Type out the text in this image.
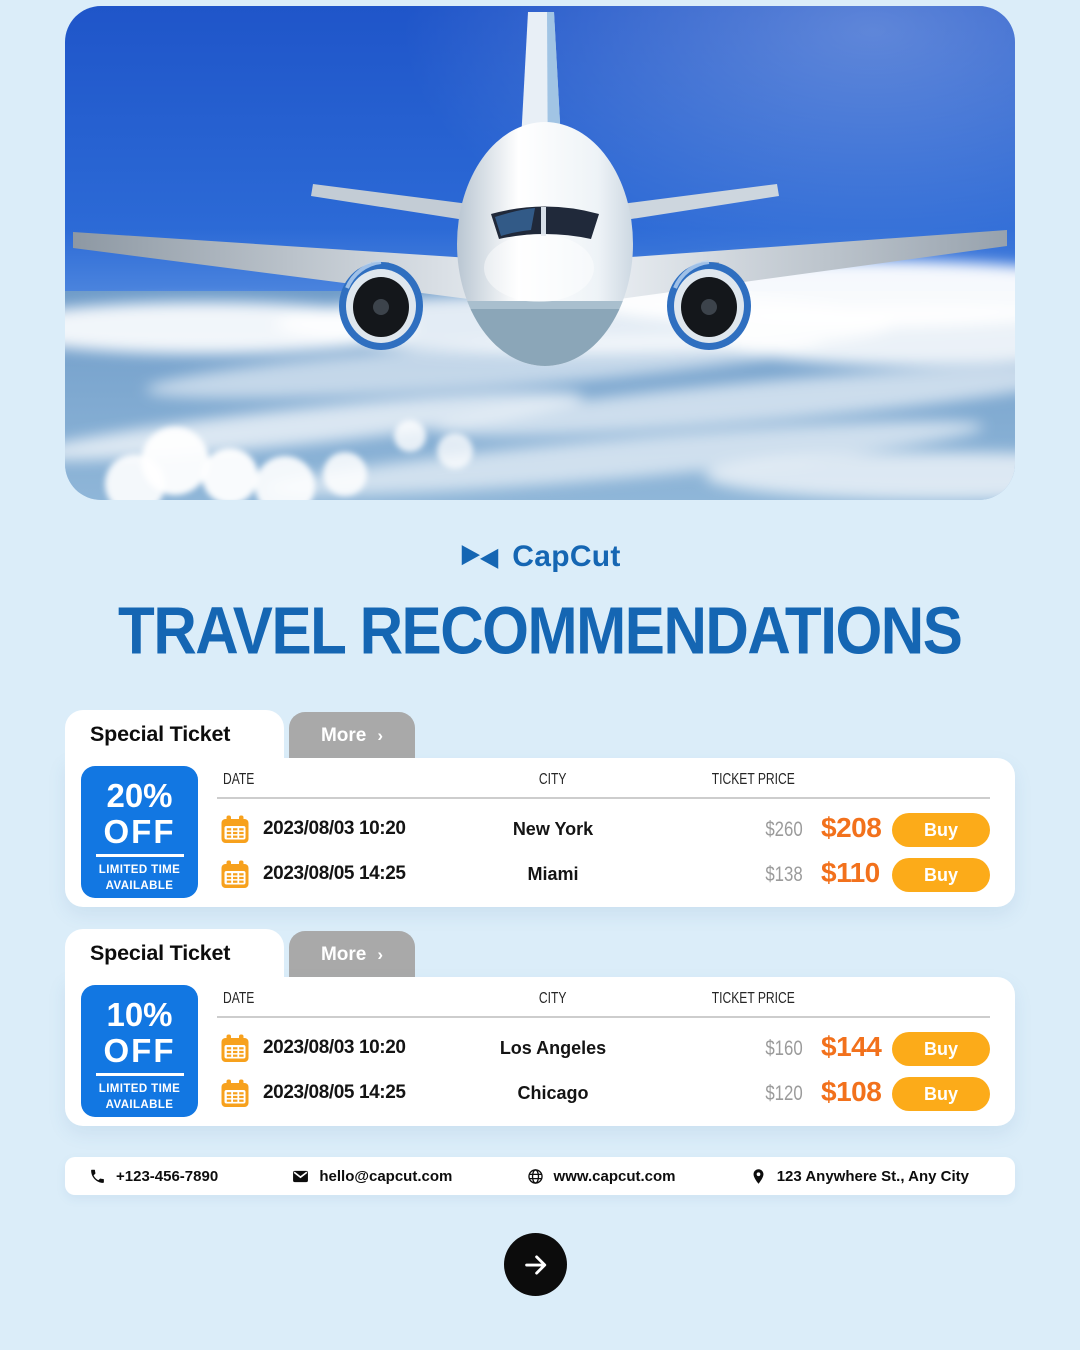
CapCut
TRAVEL RECOMMENDATIONS
More ›
Special Ticket
20%
OFF
LIMITED TIME
AVAILABLE
DATE	CITY	TICKET PRICE
2023/08/03 10:20	New York	$260 $208	Buy
2023/08/05 14:25	Miami	$138 $110	Buy
More ›
Special Ticket
10%
OFF
LIMITED TIME
AVAILABLE
DATE	CITY	TICKET PRICE
2023/08/03 10:20	Los Angeles	$160 $144	Buy
2023/08/05 14:25	Chicago	$120 $108	Buy
+123-456-7890	hello@capcut.com	www.capcut.com	123 Anywhere St., Any City
